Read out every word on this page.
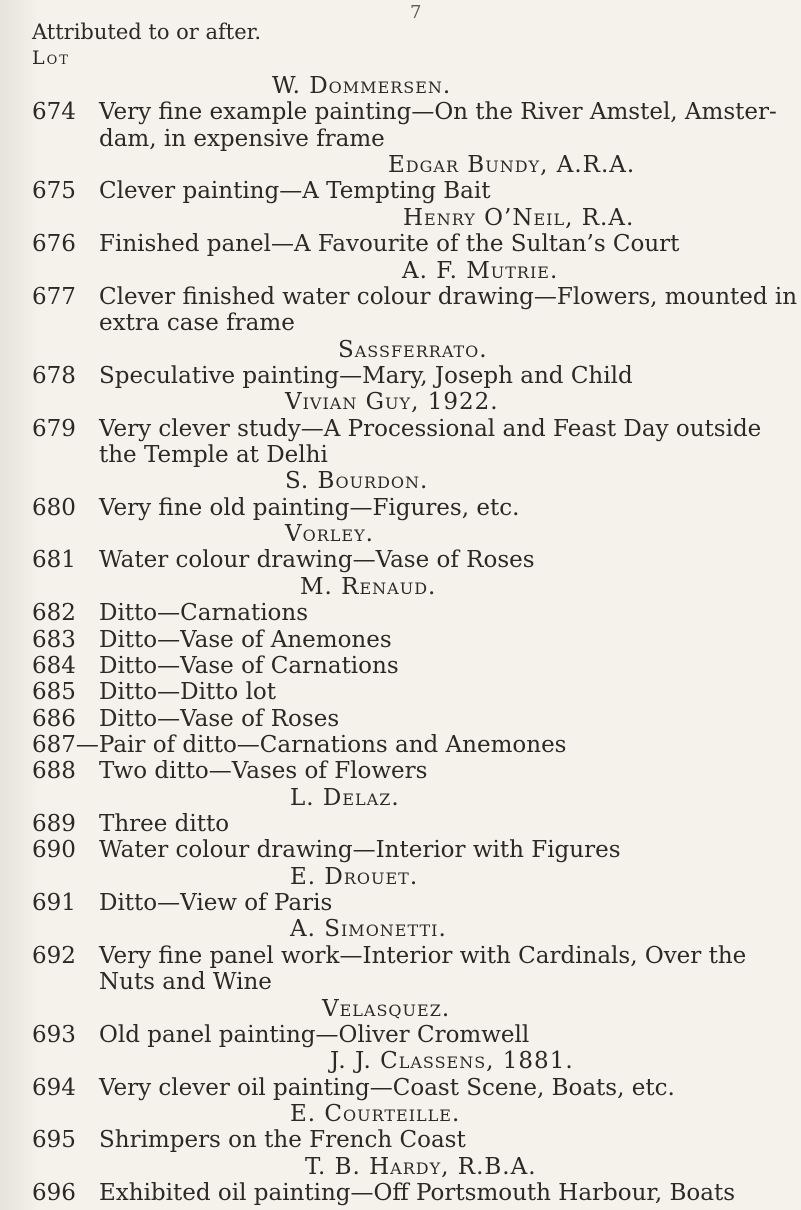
7
Attributed to or after.
Lot
W. Dommersen.
674	Very fine example painting—On the River Amstel, Amster-
dam, in expensive frame
Edgar Bundy, A.R.A.
675	Clever painting—A Tempting Bait
Henry O’Neil, R.A.
676	Finished panel—A Favourite of the Sultan’s Court
A. F. Mutrie.
677	Clever finished water colour drawing—Flowers, mounted in
extra case frame
Sassferrato.
678	Speculative painting—Mary, Joseph and Child
Vivian Guy, 1922.
679	Very clever study—A Processional and Feast Day outside
the Temple at Delhi
S. Bourdon.
680	Very fine old painting—Figures, etc.
Vorley.
681	Water colour drawing—Vase of Roses
M. Renaud.
682	Ditto—Carnations
683	Ditto—Vase of Anemones
684	Ditto—Vase of Carnations
685	Ditto—Ditto lot
686	Ditto—Vase of Roses
687—Pair of ditto—Carnations and Anemones
688	Two ditto—Vases of Flowers
L. Delaz.
689	Three ditto
690	Water colour drawing—Interior with Figures
E. Drouet.
691	Ditto—View of Paris
A. Simonetti.
692	Very fine panel work—Interior with Cardinals, Over the
Nuts and Wine
Velasquez.
693	Old panel painting—Oliver Cromwell
J. J. Classens, 1881.
694	Very clever oil painting—Coast Scene, Boats, etc.
E. Courteille.
695	Shrimpers on the French Coast
T. B. Hardy, R.B.A.
696	Exhibited oil painting—Off Portsmouth Harbour, Boats
